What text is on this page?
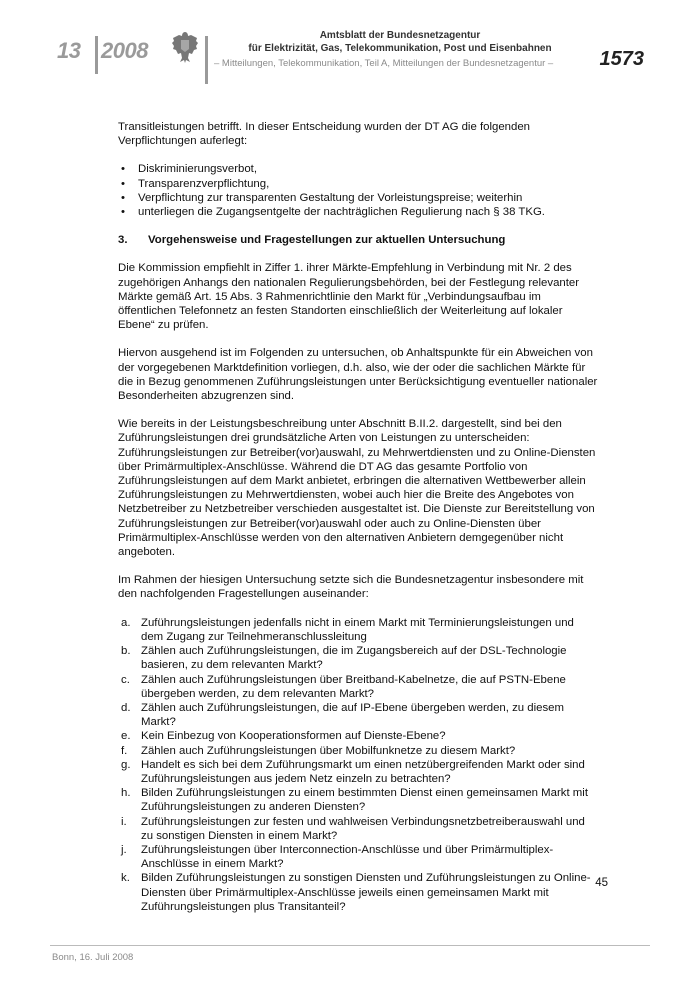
13 2008
Amtsblatt der Bundesnetzagentur
für Elektrizität, Gas, Telekommunikation, Post und Eisenbahnen
– Mitteilungen, Telekommunikation, Teil A, Mitteilungen der Bundesnetzagentur – 1573

Transitleistungen betrifft. In dieser Entscheidung wurden der DT AG die folgenden Verpflichtungen auferlegt:

• Diskriminierungsverbot,
• Transparenzverpflichtung,
• Verpflichtung zur transparenten Gestaltung der Vorleistungspreise; weiterhin
• unterliegen die Zugangsentgelte der nachträglichen Regulierung nach § 38 TKG.
3.	Vorgehensweise und Fragestellungen zur aktuellen Untersuchung

Die Kommission empfiehlt in Ziffer 1. ihrer Märkte-Empfehlung in Verbindung mit Nr. 2 des zugehörigen Anhangs den nationalen Regulierungsbehörden, bei der Festlegung relevanter Märkte gemäß Art. 15 Abs. 3 Rahmenrichtlinie den Markt für „Verbindungsaufbau im öffentlichen Telefonnetz an festen Standorten einschließlich der Weiterleitung auf lokaler Ebene“ zu prüfen.

Hiervon ausgehend ist im Folgenden zu untersuchen, ob Anhaltspunkte für ein Abweichen von der vorgegebenen Marktdefinition vorliegen, d.h. also, wie der oder die sachlichen Märkte für die in Bezug genommenen Zuführungsleistungen unter Berücksichtigung eventueller nationaler Besonderheiten abzugrenzen sind.

Wie bereits in der Leistungsbeschreibung unter Abschnitt B.II.2. dargestellt, sind bei den Zuführungsleistungen drei grundsätzliche Arten von Leistungen zu unterscheiden: Zuführungsleistungen zur Betreiber(vor)auswahl, zu Mehrwertdiensten und zu Online-Diensten über Primärmultiplex-Anschlüsse. Während die DT AG das gesamte Portfolio von Zuführungsleistungen auf dem Markt anbietet, erbringen die alternativen Wettbewerber allein Zuführungsleistungen zu Mehrwertdiensten, wobei auch hier die Breite des Angebotes von Netzbetreiber zu Netzbetreiber verschieden ausgestaltet ist. Die Dienste zur Bereitstellung von Zuführungsleistungen zur Betreiber(vor)auswahl oder auch zu Online-Diensten über Primärmultiplex-Anschlüsse werden von den alternativen Anbietern demgegenüber nicht angeboten.

Im Rahmen der hiesigen Untersuchung setzte sich die Bundesnetzagentur insbesondere mit den nachfolgenden Fragestellungen auseinander:

a. Zuführungsleistungen jedenfalls nicht in einem Markt mit Terminierungsleistungen und dem Zugang zur Teilnehmeranschlussleitung
b. Zählen auch Zuführungsleistungen, die im Zugangsbereich auf der DSL-Technologie basieren, zu dem relevanten Markt?
c. Zählen auch Zuführungsleistungen über Breitband-Kabelnetze, die auf PSTN-Ebene übergeben werden, zu dem relevanten Markt?
d. Zählen auch Zuführungsleistungen, die auf IP-Ebene übergeben werden, zu diesem Markt?
e. Kein Einbezug von Kooperationsformen auf Dienste-Ebene?
f. Zählen auch Zuführungsleistungen über Mobilfunknetze zu diesem Markt?
g. Handelt es sich bei dem Zuführungsmarkt um einen netzübergreifenden Markt oder sind Zuführungsleistungen aus jedem Netz einzeln zu betrachten?
h. Bilden Zuführungsleistungen zu einem bestimmten Dienst einen gemeinsamen Markt mit Zuführungsleistungen zu anderen Diensten?
i. Zuführungsleistungen zur festen und wahlweisen Verbindungsnetzbetreiberauswahl und zu sonstigen Diensten in einem Markt?
j. Zuführungsleistungen über Interconnection-Anschlüsse und über Primärmultiplex-Anschlüsse in einem Markt?
k. Bilden Zuführungsleistungen zu sonstigen Diensten und Zuführungsleistungen zu Online-Diensten über Primärmultiplex-Anschlüsse jeweils einen gemeinsamen Markt mit Zuführungsleistungen plus Transitanteil?
45
Bonn, 16. Juli 2008
